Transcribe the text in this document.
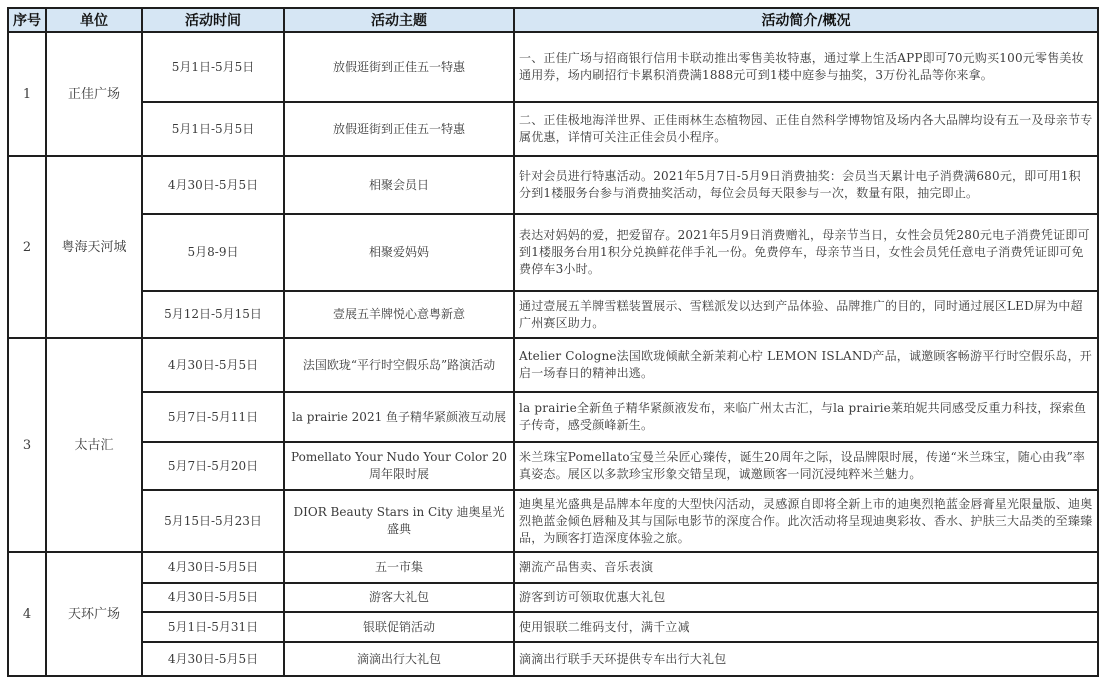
序号	单位	活动时间	活动主题	活动简介/概况
1	正佳广场	5月1日-5月5日	放假逛街到正佳五一特惠	一、正佳广场与招商银行信用卡联动推出零售美妆特惠，通过掌上生活APP即可70元购买100元零售美妆通用券，场内刷招行卡累积消费满1888元可到1楼中庭参与抽奖，3万份礼品等你来拿。
		5月1日-5月5日	放假逛街到正佳五一特惠	二、正佳极地海洋世界、正佳雨林生态植物园、正佳自然科学博物馆及场内各大品牌均设有五一及母亲节专属优惠，详情可关注正佳会员小程序。
2	粤海天河城	4月30日-5月5日	相聚会员日	针对会员进行特惠活动。2021年5月7日-5月9日消费抽奖：会员当天累计电子消费满680元，即可用1积分到1楼服务台参与消费抽奖活动，每位会员每天限参与一次，数量有限，抽完即止。
		5月8-9日	相聚爱妈妈	表达对妈妈的爱，把爱留存。2021年5月9日消费赠礼，母亲节当日，女性会员凭280元电子消费凭证即可到1楼服务台用1积分兑换鲜花伴手礼一份。免费停车，母亲节当日，女性会员凭任意电子消费凭证即可免费停车3小时。
		5月12日-5月15日	壹展五羊牌悦心意粤新意	通过壹展五羊牌雪糕装置展示、雪糕派发以达到产品体验、品牌推广的目的，同时通过展区LED屏为中超广州赛区助力。
3	太古汇	4月30日-5月5日	法国欧珑“平行时空假乐岛”路演活动	Atelier Cologne法国欧珑倾献全新茉莉心柠 LEMON ISLAND产品，诚邀顾客畅游平行时空假乐岛，开启一场春日的精神出逃。
		5月7日-5月11日	la prairie 2021 鱼子精华紧颜液互动展	la prairie全新鱼子精华紧颜液发布，来临广州太古汇，与la prairie莱珀妮共同感受反重力科技，探索鱼子传奇，感受颜峰新生。
		5月7日-5月20日	Pomellato Your Nudo Your Color 20周年限时展	米兰珠宝Pomellato宝曼兰朵匠心臻传，诞生20周年之际，设品牌限时展，传递“米兰珠宝，随心由我”率真姿态。展区以多款珍宝形象交错呈现，诚邀顾客一同沉浸纯粹米兰魅力。
		5月15日-5月23日	DIOR Beauty Stars in City 迪奥星光盛典	迪奥星光盛典是品牌本年度的大型快闪活动，灵感源自即将全新上市的迪奥烈艳蓝金唇膏星光限量版、迪奥烈艳蓝金倾色唇釉及其与国际电影节的深度合作。此次活动将呈现迪奥彩妆、香水、护肤三大品类的至臻臻品，为顾客打造深度体验之旅。
4	天环广场	4月30日-5月5日	五一市集	潮流产品售卖、音乐表演
		4月30日-5月5日	游客大礼包	游客到访可领取优惠大礼包
		5月1日-5月31日	银联促销活动	使用银联二维码支付，满千立减
		4月30日-5月5日	滴滴出行大礼包	滴滴出行联手天环提供专车出行大礼包
